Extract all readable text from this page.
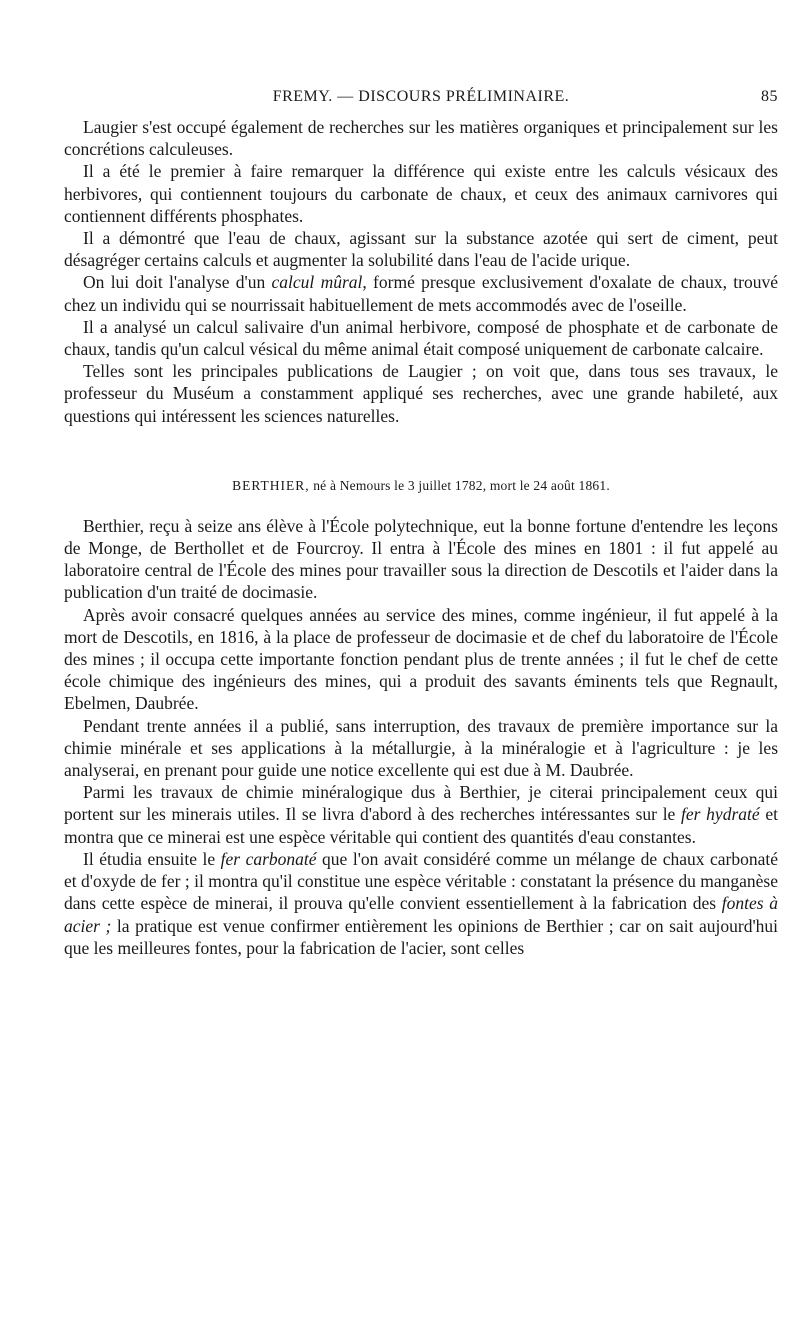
FREMY. — DISCOURS PRÉLIMINAIRE.	85

Laugier s'est occupé également de recherches sur les matières organiques et principalement sur les concrétions calculeuses.

Il a été le premier à faire remarquer la différence qui existe entre les calculs vésicaux des herbivores, qui contiennent toujours du carbonate de chaux, et ceux des animaux carnivores qui contiennent différents phosphates.

Il a démontré que l'eau de chaux, agissant sur la substance azotée qui sert de ciment, peut désagréger certains calculs et augmenter la solubilité dans l'eau de l'acide urique.

On lui doit l'analyse d'un calcul mûral, formé presque exclusivement d'oxalate de chaux, trouvé chez un individu qui se nourrissait habituellement de mets accommodés avec de l'oseille.

Il a analysé un calcul salivaire d'un animal herbivore, composé de phosphate et de carbonate de chaux, tandis qu'un calcul vésical du même animal était composé uniquement de carbonate calcaire.

Telles sont les principales publications de Laugier ; on voit que, dans tous ses travaux, le professeur du Muséum a constamment appliqué ses recherches, avec une grande habileté, aux questions qui intéressent les sciences naturelles.

BERTHIER, né à Nemours le 3 juillet 1782, mort le 24 août 1861.

Berthier, reçu à seize ans élève à l'École polytechnique, eut la bonne fortune d'entendre les leçons de Monge, de Berthollet et de Fourcroy. Il entra à l'École des mines en 1801 : il fut appelé au laboratoire central de l'École des mines pour travailler sous la direction de Descotils et l'aider dans la publication d'un traité de docimasie.

Après avoir consacré quelques années au service des mines, comme ingénieur, il fut appelé à la mort de Descotils, en 1816, à la place de professeur de docimasie et de chef du laboratoire de l'École des mines ; il occupa cette importante fonction pendant plus de trente années ; il fut le chef de cette école chimique des ingénieurs des mines, qui a produit des savants éminents tels que Regnault, Ebelmen, Daubrée.

Pendant trente années il a publié, sans interruption, des travaux de première importance sur la chimie minérale et ses applications à la métallurgie, à la minéralogie et à l'agriculture : je les analyserai, en prenant pour guide une notice excellente qui est due à M. Daubrée.

Parmi les travaux de chimie minéralogique dus à Berthier, je citerai principalement ceux qui portent sur les minerais utiles. Il se livra d'abord à des recherches intéressantes sur le fer hydraté et montra que ce minerai est une espèce véritable qui contient des quantités d'eau constantes.

Il étudia ensuite le fer carbonaté que l'on avait considéré comme un mélange de chaux carbonaté et d'oxyde de fer ; il montra qu'il constitue une espèce véritable : constatant la présence du manganèse dans cette espèce de minerai, il prouva qu'elle convient essentiellement à la fabrication des fontes à acier ; la pratique est venue confirmer entièrement les opinions de Berthier ; car on sait aujourd'hui que les meilleures fontes, pour la fabrication de l'acier, sont celles
